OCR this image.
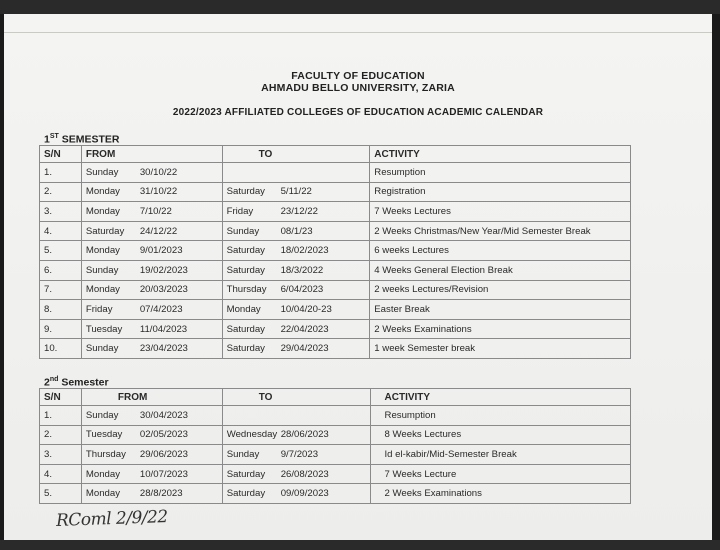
FACULTY OF EDUCATION
AHMADU BELLO UNIVERSITY, ZARIA
2022/2023 AFFILIATED COLLEGES OF EDUCATION ACADEMIC CALENDAR
1ST SEMESTER
S/N	FROM	TO	ACTIVITY
1.	Sunday 30/10/22		Resumption
2.	Monday 31/10/22	Saturday 5/11/22	Registration
3.	Monday 7/10/22	Friday 23/12/22	7 Weeks Lectures
4.	Saturday 24/12/22	Sunday 08/1/23	2 Weeks Christmas/New Year/Mid Semester Break
5.	Monday 9/01/2023	Saturday 18/02/2023	6 weeks Lectures
6.	Sunday 19/02/2023	Saturday 18/3/2022	4 Weeks General Election Break
7.	Monday 20/03/2023	Thursday 6/04/2023	2 weeks Lectures/Revision
8.	Friday 07/4/2023	Monday 10/04/20-23	Easter Break
9.	Tuesday 11/04/2023	Saturday 22/04/2023	2 Weeks Examinations
10.	Sunday 23/04/2023	Saturday 29/04/2023	1 week Semester break
2nd Semester
S/N	FROM	TO	ACTIVITY
1.	Sunday 30/04/2023		Resumption
2.	Tuesday 02/05/2023	Wednesday 28/06/2023	8 Weeks Lectures
3.	Thursday 29/06/2023	Sunday 9/7/2023	Id el-kabir/Mid-Semester Break
4.	Monday 10/07/2023	Saturday 26/08/2023	7 Weeks Lecture
5.	Monday 28/8/2023	Saturday 09/09/2023	2 Weeks Examinations
RComl 2/9/22
